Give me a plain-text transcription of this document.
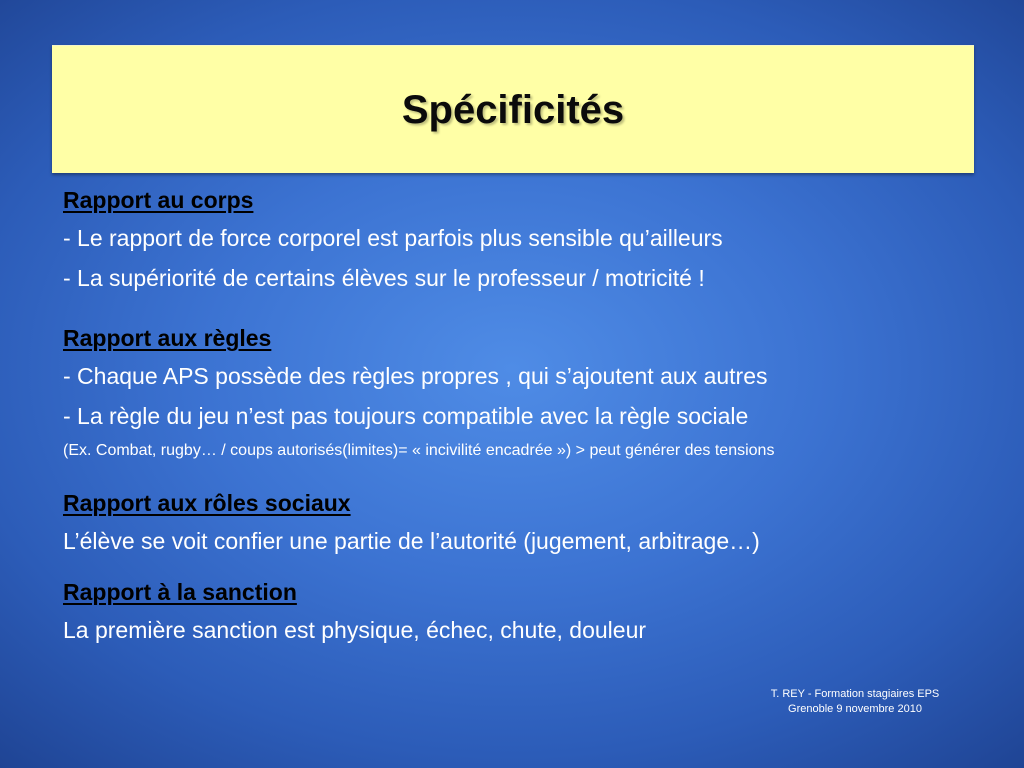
Spécificités
Rapport au corps
- Le rapport de force corporel est parfois plus sensible qu’ailleurs
- La supériorité de certains élèves sur le professeur / motricité !
Rapport aux règles
- Chaque APS possède des règles propres , qui s’ajoutent aux autres
- La règle du jeu n’est pas toujours compatible avec la règle sociale
(Ex. Combat, rugby… / coups autorisés(limites)= « incivilité encadrée ») > peut générer des tensions
Rapport aux rôles sociaux
L’élève se voit confier une partie de l’autorité (jugement, arbitrage…)
Rapport à la sanction
La première sanction est physique, échec, chute, douleur
T. REY - Formation stagiaires EPS
Grenoble 9 novembre 2010
